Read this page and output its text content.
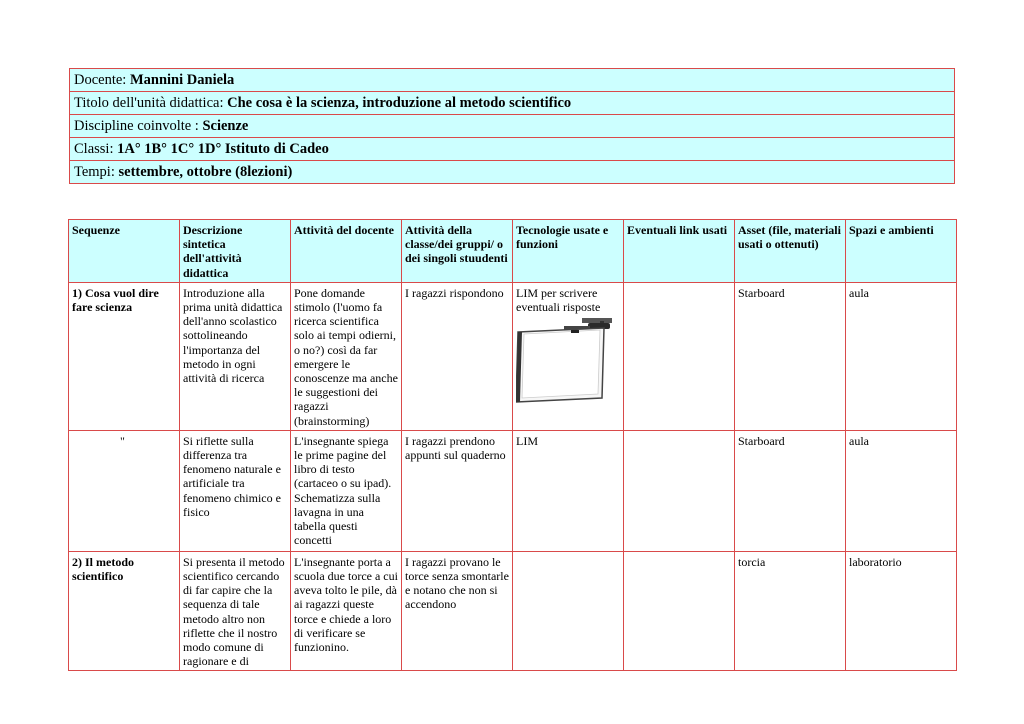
Docente: Mannini Daniela
Titolo dell'unità didattica: Che cosa è la scienza, introduzione al metodo scientifico
Discipline coinvolte : Scienze
Classi: 1A° 1B° 1C° 1D° Istituto di Cadeo
Tempi: settembre, ottobre (8lezioni)
Sequenze	Descrizione sintetica dell'attività didattica	Attività del docente	Attività della classe/dei gruppi/ o dei singoli stuudenti	Tecnologie usate e funzioni	Eventuali link usati	Asset (file, materiali usati o ottenuti)	Spazi e ambienti
1) Cosa vuol dire fare scienza	Introduzione alla prima unità didattica dell'anno scolastico sottolineando l'importanza del metodo in ogni attività di ricerca	Pone domande stimolo (l'uomo fa ricerca scientifica solo ai tempi odierni, o no?) così da far emergere le conoscenze ma anche le suggestioni dei ragazzi (brainstorming)	I ragazzi rispondono	LIM per scrivere eventuali risposte		Starboard	aula
"	Si riflette sulla differenza tra fenomeno naturale e artificiale tra fenomeno chimico e fisico	L'insegnante spiega le prime pagine del libro di testo (cartaceo o su ipad). Schematizza sulla lavagna in una tabella questi concetti	I ragazzi prendono appunti sul quaderno	LIM		Starboard	aula
2) Il metodo scientifico	Si presenta il metodo scientifico cercando di far capire che la sequenza di tale metodo altro non riflette che il nostro modo comune di ragionare e di	L'insegnante porta a scuola due torce a cui aveva tolto le pile, dà ai ragazzi queste torce e chiede a loro di verificare se funzionino.	I ragazzi provano le torce senza smontarle e notano che non si accendono			torcia	laboratorio
